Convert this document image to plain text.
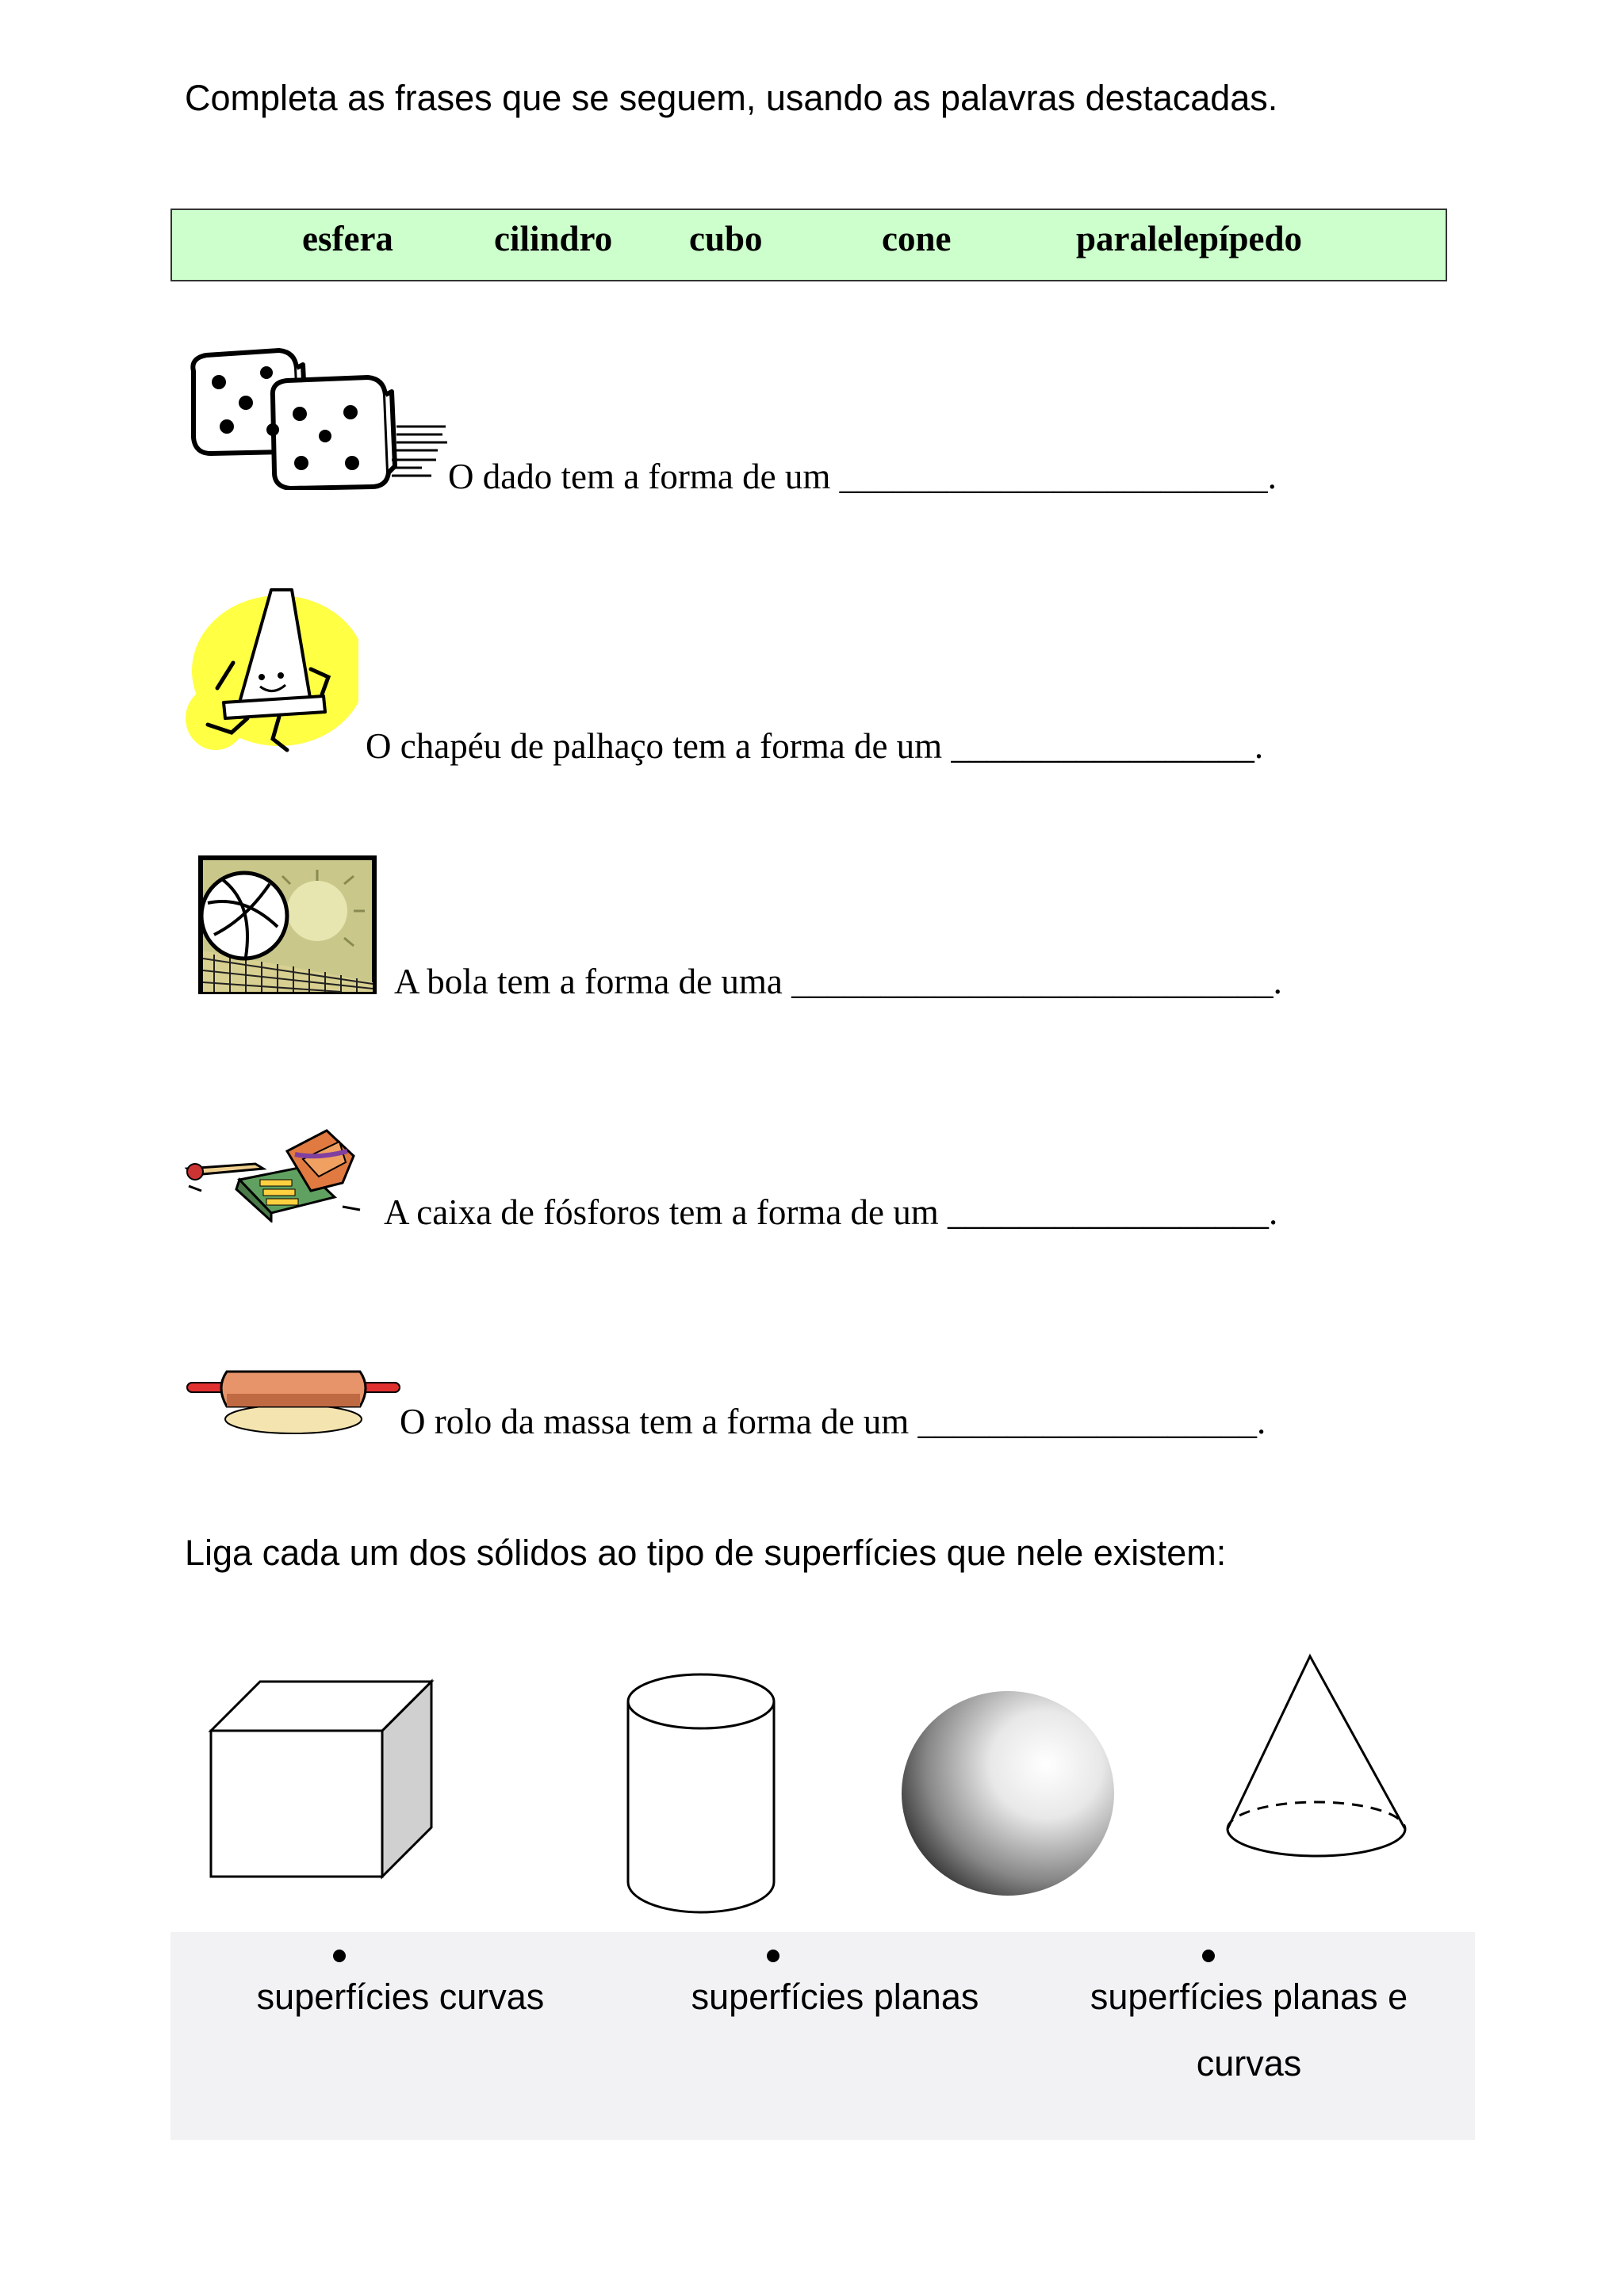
Completa as frases que se seguem, usando as palavras destacadas.
esfera	cilindro cubo	cone	paralelepípedo
O dado tem a forma de um ________________________.
O chapéu de palhaço tem a forma de um _________________.
A bola tem a forma de uma ___________________________.
A caixa de fósforos tem a forma de um __________________.
O rolo da massa tem a forma de um ___________________.
Liga cada um dos sólidos ao tipo de superfícies que nele existem:
superfícies curvas	superfícies planas	superfícies planas e curvas
